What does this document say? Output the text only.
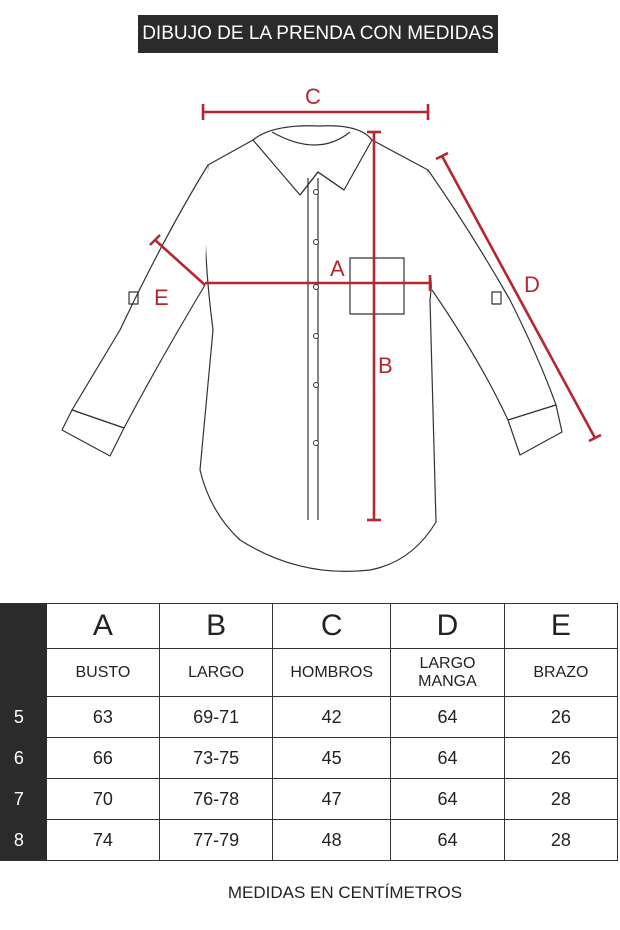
DIBUJO DE LA PRENDA CON MEDIDAS
C
A
B
D
E
	A	B	C	D	E
	BUSTO	LARGO	HOMBROS	LARGO MANGA	BRAZO
5	63	69-71	42	64	26
6	66	73-75	45	64	26
7	70	76-78	47	64	28
8	74	77-79	48	64	28
MEDIDAS EN CENTÍMETROS
